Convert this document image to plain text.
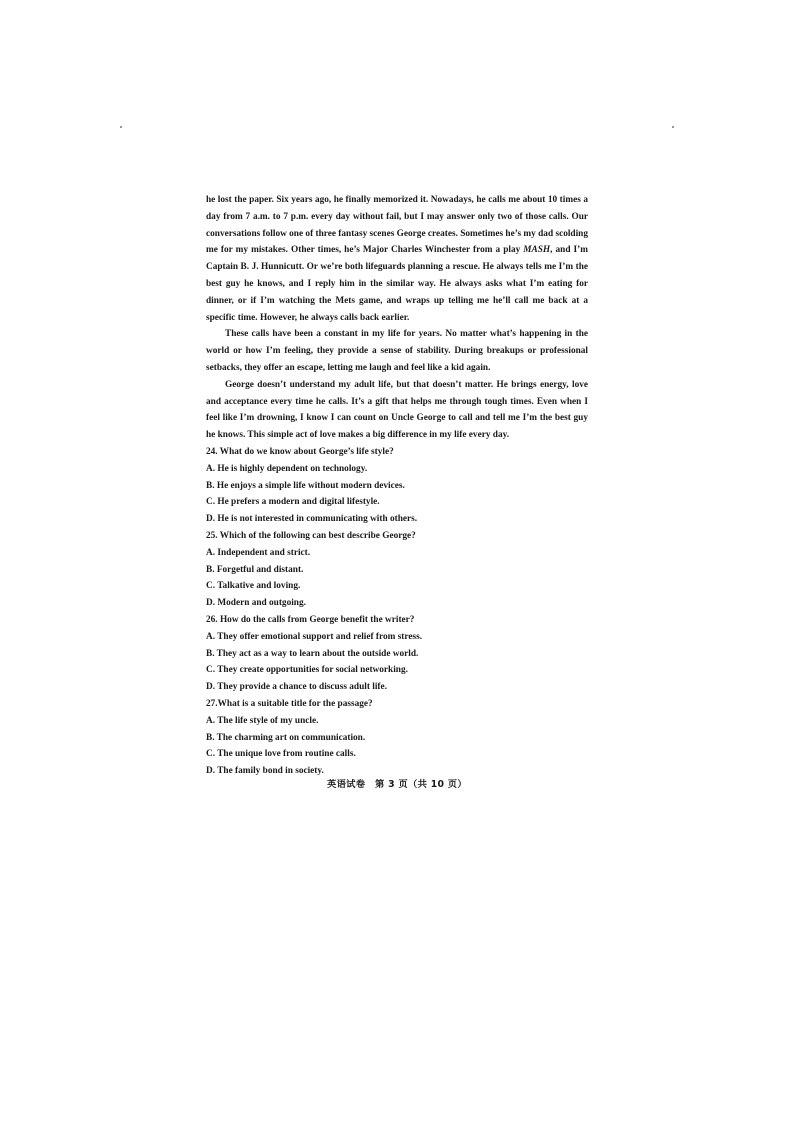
he lost the paper. Six years ago, he finally memorized it. Nowadays, he calls me about 10 times a day from 7 a.m. to 7 p.m. every day without fail, but I may answer only two of those calls. Our conversations follow one of three fantasy scenes George creates. Sometimes he’s my dad scolding me for my mistakes. Other times, he’s Major Charles Winchester from a play MASH, and I’m Captain B. J. Hunnicutt. Or we’re both lifeguards planning a rescue. He always tells me I’m the best guy he knows, and I reply him in the similar way. He always asks what I’m eating for dinner, or if I’m watching the Mets game, and wraps up telling me he’ll call me back at a specific time. However, he always calls back earlier.

These calls have been a constant in my life for years. No matter what’s happening in the world or how I’m feeling, they provide a sense of stability. During breakups or professional setbacks, they offer an escape, letting me laugh and feel like a kid again.

George doesn’t understand my adult life, but that doesn’t matter. He brings energy, love and acceptance every time he calls. It’s a gift that helps me through tough times. Even when I feel like I’m drowning, I know I can count on Uncle George to call and tell me I’m the best guy he knows. This simple act of love makes a big difference in my life every day.

24. What do we know about George’s life style?

A. He is highly dependent on technology.

B. He enjoys a simple life without modern devices.

C. He prefers a modern and digital lifestyle.

D. He is not interested in communicating with others.

25. Which of the following can best describe George?

A. Independent and strict.

B. Forgetful and distant.

C. Talkative and loving.

D. Modern and outgoing.

26. How do the calls from George benefit the writer?

A. They offer emotional support and relief from stress.

B. They act as a way to learn about the outside world.

C. They create opportunities for social networking.

D. They provide a chance to discuss adult life.

27.What is a suitable title for the passage?

A. The life style of my uncle.

B. The charming art on communication.

C. The unique love from routine calls.

D. The family bond in society.

英语试卷　第 3 页（共 10 页）
